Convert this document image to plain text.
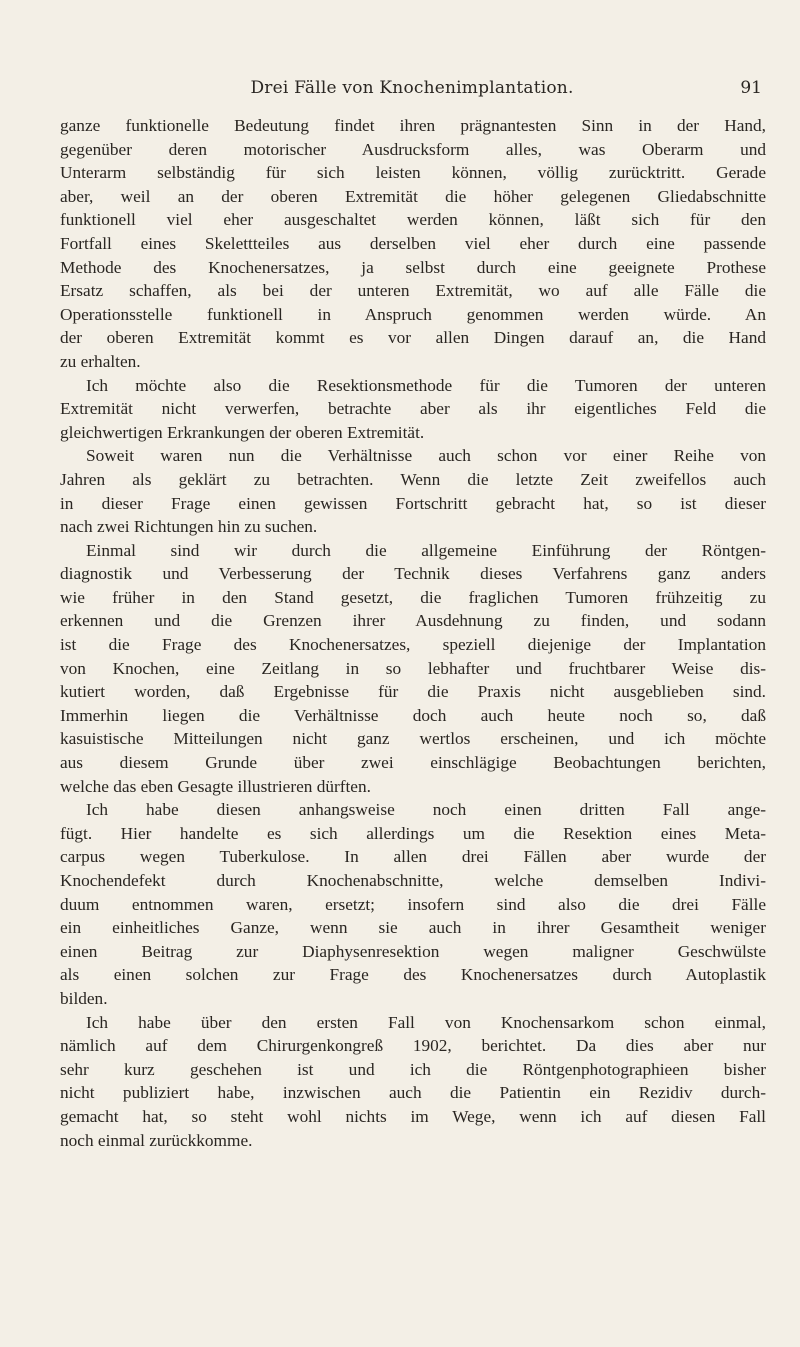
Drei Fälle von Knochenimplantation.	91
ganze funktionelle Bedeutung findet ihren prägnantesten Sinn in der Hand,
gegenüber deren motorischer Ausdrucksform alles, was Oberarm und
Unterarm selbständig für sich leisten können, völlig zurücktritt. Gerade
aber, weil an der oberen Extremität die höher gelegenen Gliedabschnitte
funktionell viel eher ausgeschaltet werden können, läßt sich für den
Fortfall eines Skelettteiles aus derselben viel eher durch eine passende
Methode des Knochenersatzes, ja selbst durch eine geeignete Prothese
Ersatz schaffen, als bei der unteren Extremität, wo auf alle Fälle die
Operationsstelle funktionell in Anspruch genommen werden würde. An
der oberen Extremität kommt es vor allen Dingen darauf an, die Hand
zu erhalten.
Ich möchte also die Resektionsmethode für die Tumoren der unteren
Extremität nicht verwerfen, betrachte aber als ihr eigentliches Feld die
gleichwertigen Erkrankungen der oberen Extremität.
Soweit waren nun die Verhältnisse auch schon vor einer Reihe von
Jahren als geklärt zu betrachten. Wenn die letzte Zeit zweifellos auch
in dieser Frage einen gewissen Fortschritt gebracht hat, so ist dieser
nach zwei Richtungen hin zu suchen.
Einmal sind wir durch die allgemeine Einführung der Röntgen-
diagnostik und Verbesserung der Technik dieses Verfahrens ganz anders
wie früher in den Stand gesetzt, die fraglichen Tumoren frühzeitig zu
erkennen und die Grenzen ihrer Ausdehnung zu finden, und sodann
ist die Frage des Knochenersatzes, speziell diejenige der Implantation
von Knochen, eine Zeitlang in so lebhafter und fruchtbarer Weise dis-
kutiert worden, daß Ergebnisse für die Praxis nicht ausgeblieben sind.
Immerhin liegen die Verhältnisse doch auch heute noch so, daß
kasuistische Mitteilungen nicht ganz wertlos erscheinen, und ich möchte
aus diesem Grunde über zwei einschlägige Beobachtungen berichten,
welche das eben Gesagte illustrieren dürften.
Ich habe diesen anhangsweise noch einen dritten Fall ange-
fügt. Hier handelte es sich allerdings um die Resektion eines Meta-
carpus wegen Tuberkulose. In allen drei Fällen aber wurde der
Knochendefekt durch Knochenabschnitte, welche demselben Indivi-
duum entnommen waren, ersetzt; insofern sind also die drei Fälle
ein einheitliches Ganze, wenn sie auch in ihrer Gesamtheit weniger
einen Beitrag zur Diaphysenresektion wegen maligner Geschwülste
als einen solchen zur Frage des Knochenersatzes durch Autoplastik
bilden.
Ich habe über den ersten Fall von Knochensarkom schon einmal,
nämlich auf dem Chirurgenkongreß 1902, berichtet. Da dies aber nur
sehr kurz geschehen ist und ich die Röntgenphotographieen bisher
nicht publiziert habe, inzwischen auch die Patientin ein Rezidiv durch-
gemacht hat, so steht wohl nichts im Wege, wenn ich auf diesen Fall
noch einmal zurückkomme.
